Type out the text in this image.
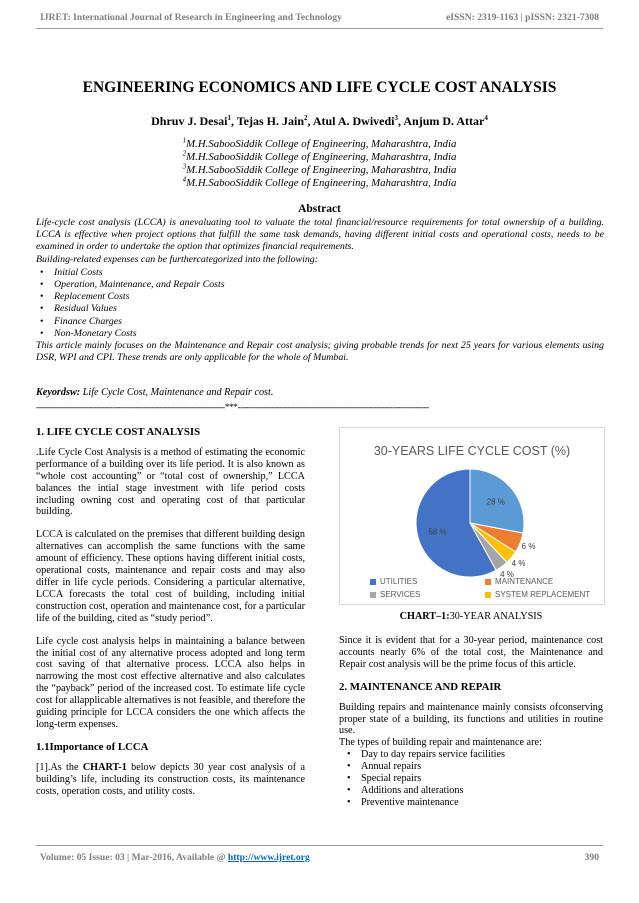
IJRET: International Journal of Research in Engineering and Technology	eISSN: 2319-1163 | pISSN: 2321-7308
ENGINEERING ECONOMICS AND LIFE CYCLE COST ANALYSIS
Dhruv J. Desai$^1$, Tejas H. Jain$^2$, Atul A. Dwivedi$^3$, Anjum D. Attar$^4$
$^1$M.H.SabooSiddik College of Engineering, Maharashtra, India
$^2$M.H.SabooSiddik College of Engineering, Maharashtra, India
$^3$M.H.SabooSiddik College of Engineering, Maharashtra, India
$^4$M.H.SabooSiddik College of Engineering, Maharashtra, India
Abstract

Life-cycle cost analysis (LCCA) is anevaluating tool to valuate the total financial/resource requirements for total ownership of a building. LCCA is effective when project options that fulfill the same task demands, having different initial costs and operational costs, needs to be examined in order to undertake the option that optimizes financial requirements.

Building-related expenses can be furthercategorized into the following:

• Initial Costs
• Operation, Maintenance, and Repair Costs
• Replacement Costs
• Residual Values
• Finance Charges
• Non-Monetary Costs

This article mainly focuses on the Maintenance and Repair cost analysis; giving probable trends for next 25 years for various elements using DSR, WPI and CPI. These trends are only applicable for the whole of Mumbai.

Keyordsw: Life Cycle Cost, Maintenance and Repair cost.
------------------------------------------------------------------------***-------------------------------------------------------------------------
1. LIFE CYCLE COST ANALYSIS

.Life Cycle Cost Analysis is a method of estimating the economic performance of a building over its life period. It is also known as “whole cost accounting” or “total cost of ownership,” LCCA balances the intial stage investment with life period costs including owning cost and operating cost of that particular building.

LCCA is calculated on the premises that different building design alternatives can accomplish the same functions with the same amount of efficiency. These options having different initial costs, operational costs, maintenance and repair costs and may also differ in life cycle periods. Considering a particular alternative, LCCA forecasts the total cost of building, including initial construction cost, operation and maintenance cost, for a particular life of the building, cited as “study period”.

Life cycle cost analysis helps in maintaining a balance between the initial cost of any alternative process adopted and long term cost saving of that alternative process. LCCA also helps in narrowing the most cost effective alternative and also calculates the “payback” period of the increased cost. To estimate life cycle cost for allapplicable alternatives is not feasible, and therefore the guiding principle for LCCA considers the one which affects the long-term expenses.

1.1Importance of LCCA

[1].As the CHART-1 below depicts 30 year cost analysis of a building’s life, including its construction costs, its maintenance costs, operation costs, and utility costs.

30-YEARS LIFE CYCLE COST (%)
28 %
6 %
4 %
4 %
58 %
UTILITIES	MAINTENANCE
SERVICES	SYSTEM REPLACEMENT
CHART–1:30-YEAR ANALYSIS

Since it is evident that for a 30-year period, maintenance cost accounts nearly 6% of the total cost, the Maintenance and Repair cost analysis will be the prime focus of this article.

2. MAINTENANCE AND REPAIR

Building repairs and maintenance mainly consists ofconserving proper state of a building, its functions and utilities in routine use.

The types of building repair and maintenance are:

• Day to day repairs service facilities
• Annual repairs
• Special repairs
• Additions and alterations
• Preventive maintenance
Volume: 05 Issue: 03 | Mar-2016, Available @ http://www.ijret.org	390
